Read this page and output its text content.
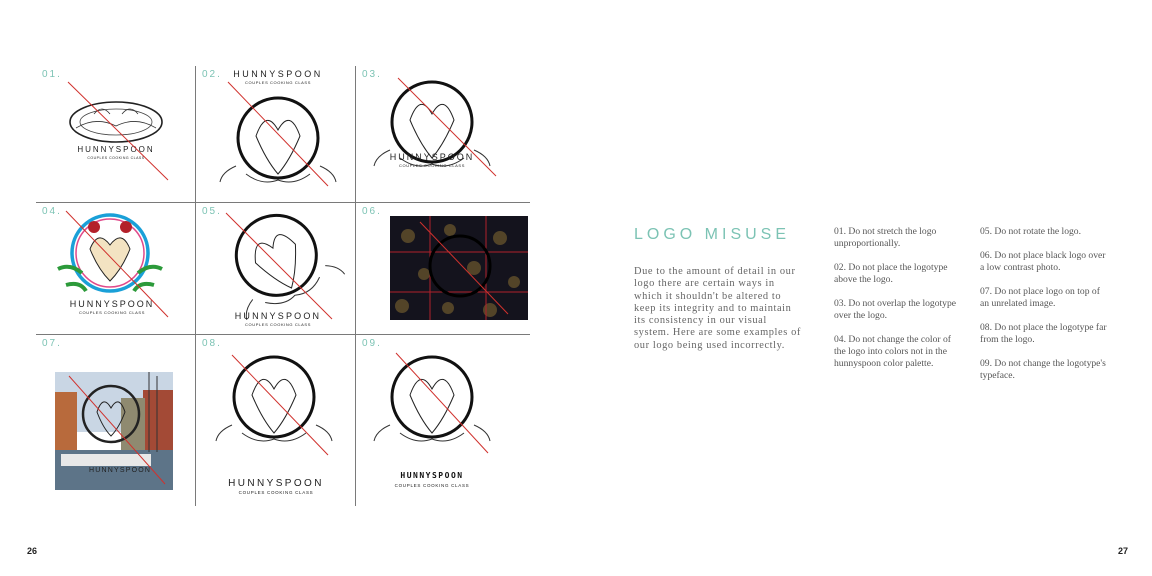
01.
HUNNYSPOON
COUPLES COOKING CLASS
02. HUNNYSPOON
COUPLES COOKING CLASS
03.
HUNNYSPOON
COUPLES COOKING CLASS
04.
HUNNYSPOON
COUPLES COOKING CLASS
05.
HUNNYSPOON
COUPLES COOKING CLASS
06.
07.
HUNNYSPOON
08.
HUNNYSPOON
COUPLES COOKING CLASS
09.
HUNNYSPOON
COUPLES COOKING CLASS
LOGO MISUSE
Due to the amount of detail in our logo there are certain ways in which it shouldn't be altered to keep its integrity and to maintain its consistency in our visual system. Here are some examples of our logo being used incorrectly.

01. Do not stretch the logo unproportionally.

02. Do not place the logotype above the logo.

03. Do not overlap the logotype over the logo.

04. Do not change the color of the logo into colors not in the hunnyspoon color palette.

05. Do not rotate the logo.

06. Do not place black logo over a low contrast photo.

07. Do not place logo on top of an unrelated image.

08. Do not place the logotype far from the logo.

09. Do not change the logotype's typeface.

26	27
